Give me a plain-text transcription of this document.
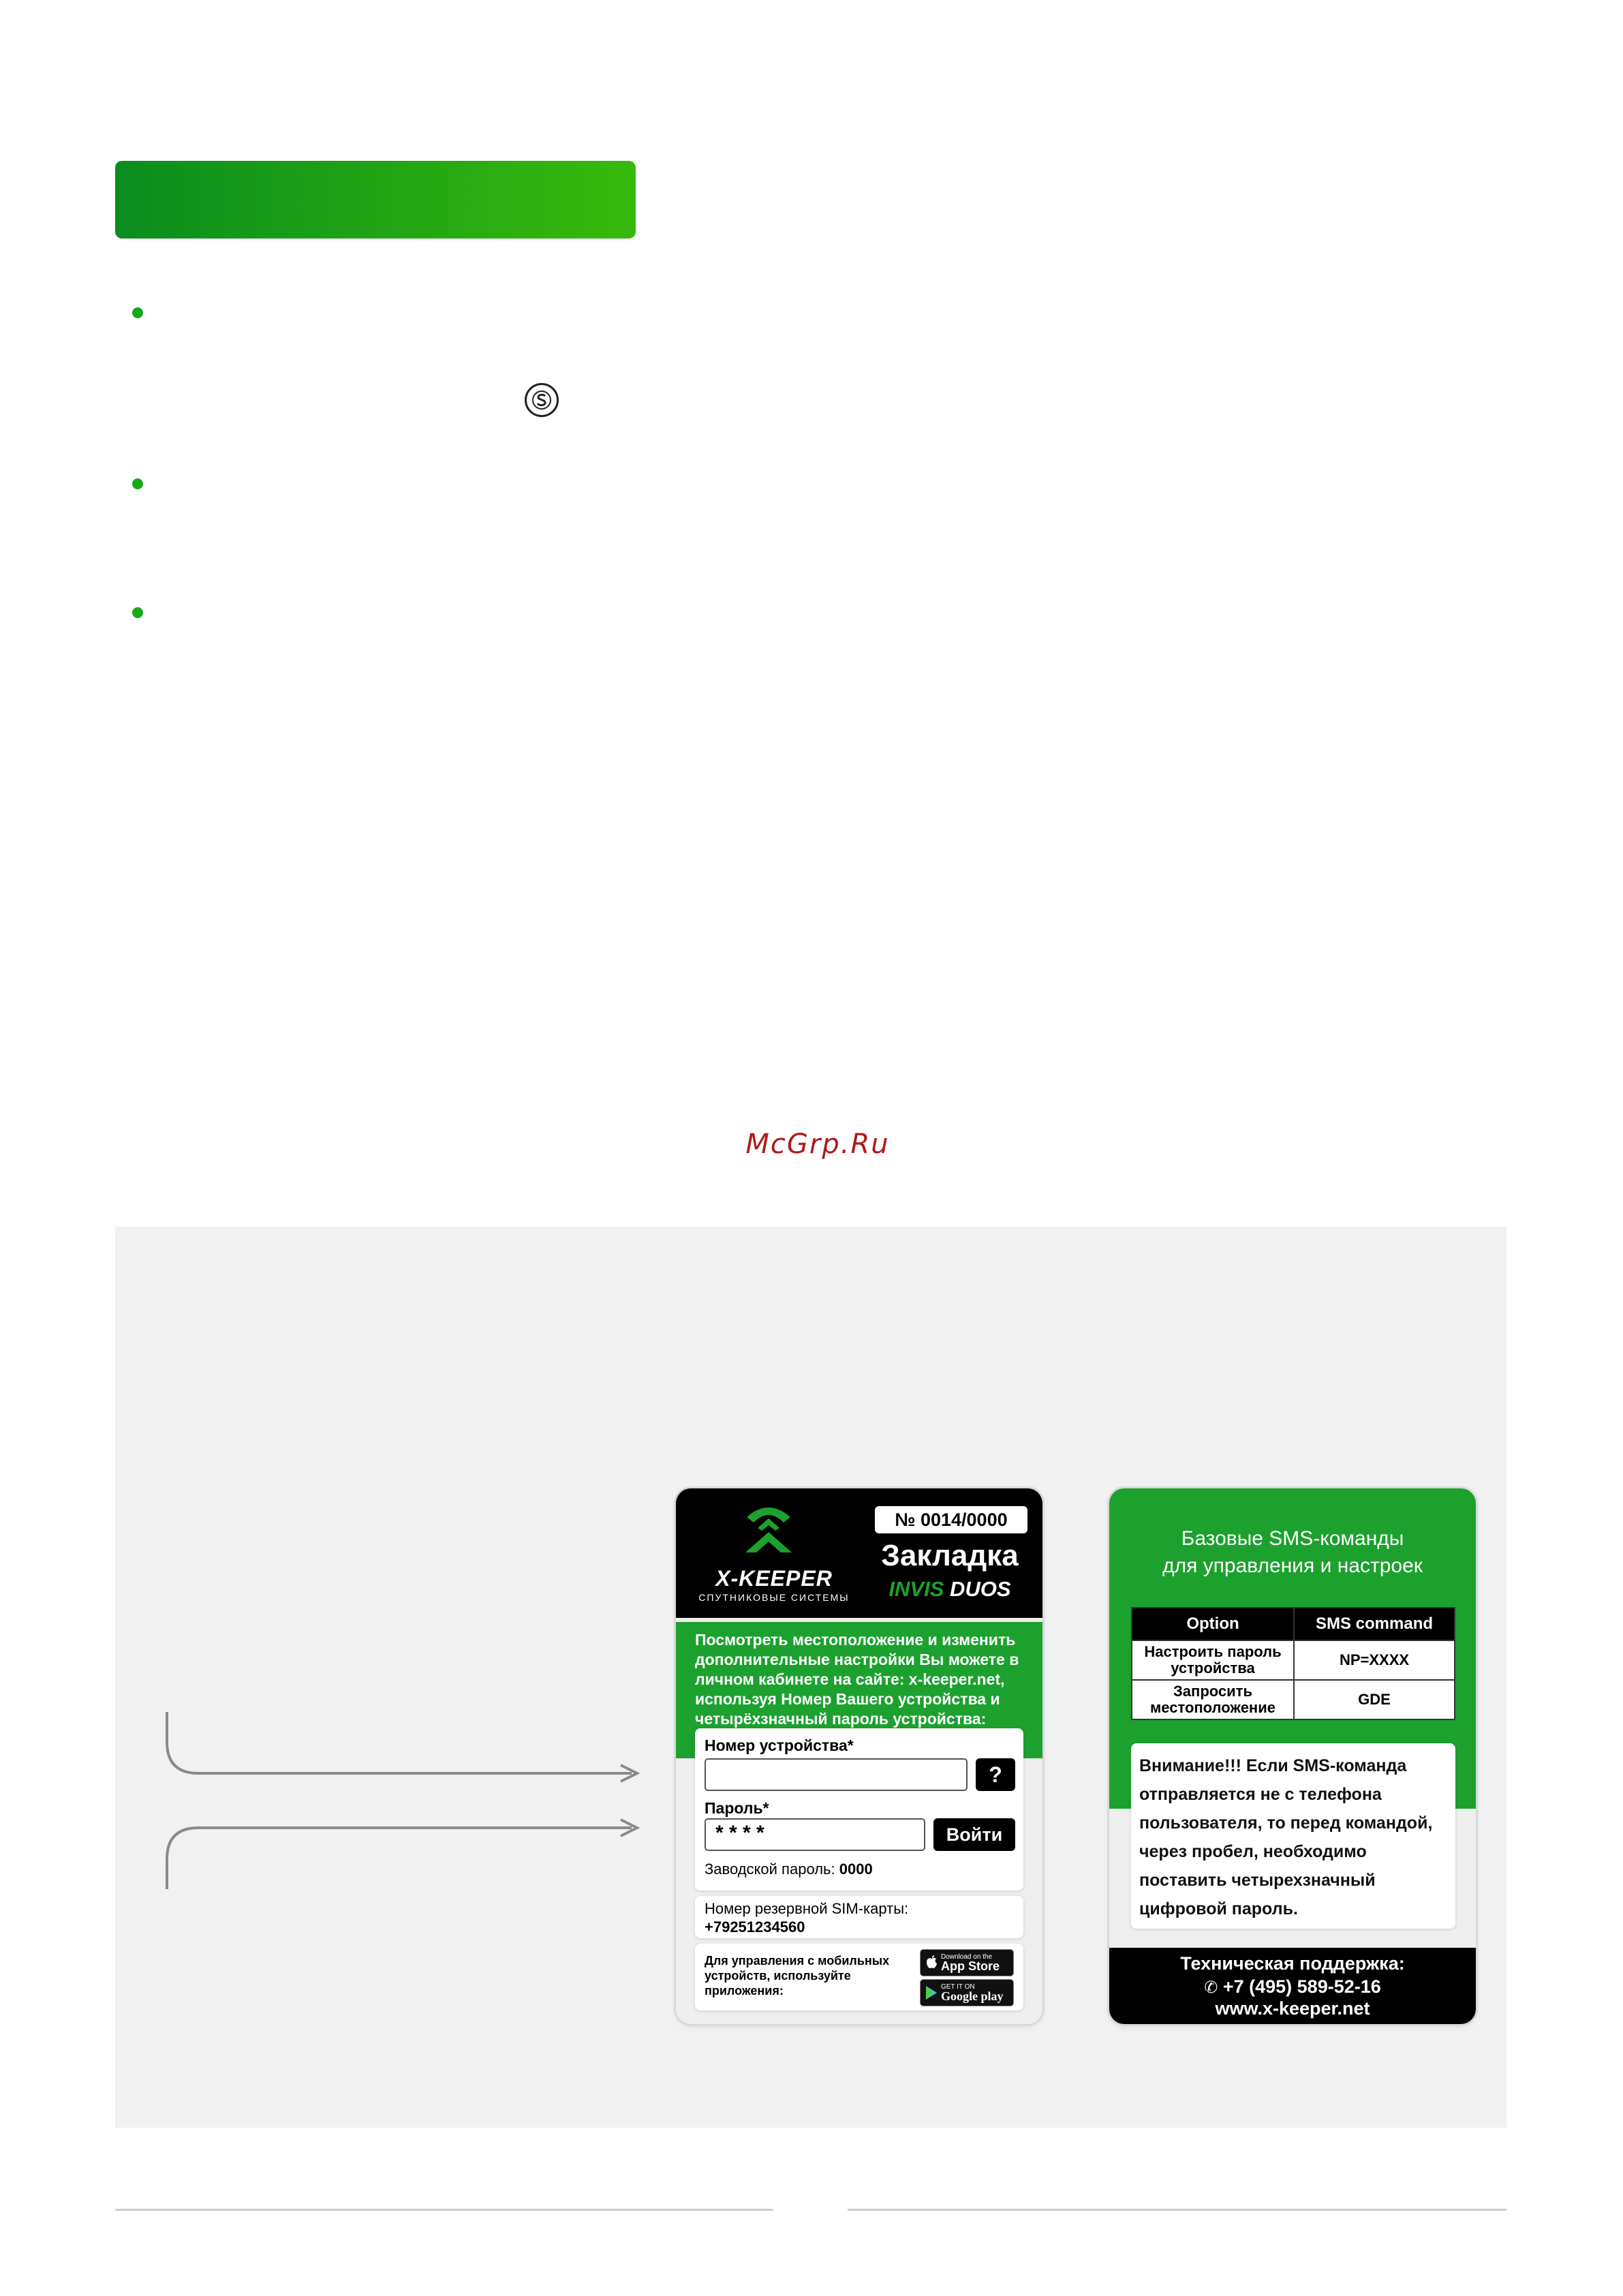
McGrp.Ru
X-KEEPER
СПУТНИКОВЫЕ СИСТЕМЫ
№ 0014/0000
Закладка
INVIS DUOS
Посмотреть местоположение и изменить
дополнительные настройки Вы можете в
личном кабинете на сайте: x-keeper.net,
используя Номер Вашего устройства и
четырёхзначный пароль устройства:
Номер устройства*
?
Пароль*
* * * *	Войти
Заводской пароль: 0000
Номер резервной SIM-карты:
+79251234560
Для управления с мобильных
устройств, используйте
приложения:
Download on the
App Store
GET IT ON
Google play
Базовые SMS-команды
для управления и настроек
Option	SMS command

Настроить пароль
устройства	NP=XXXX

Запросить
местоположение	GDE
Внимание!!! Если SMS-команда
отправляется не с телефона
пользователя, то перед командой,
через пробел, необходимо
поставить четырехзначный
цифровой пароль.
Техническая поддержка:
✆ +7 (495) 589-52-16
www.x-keeper.net
